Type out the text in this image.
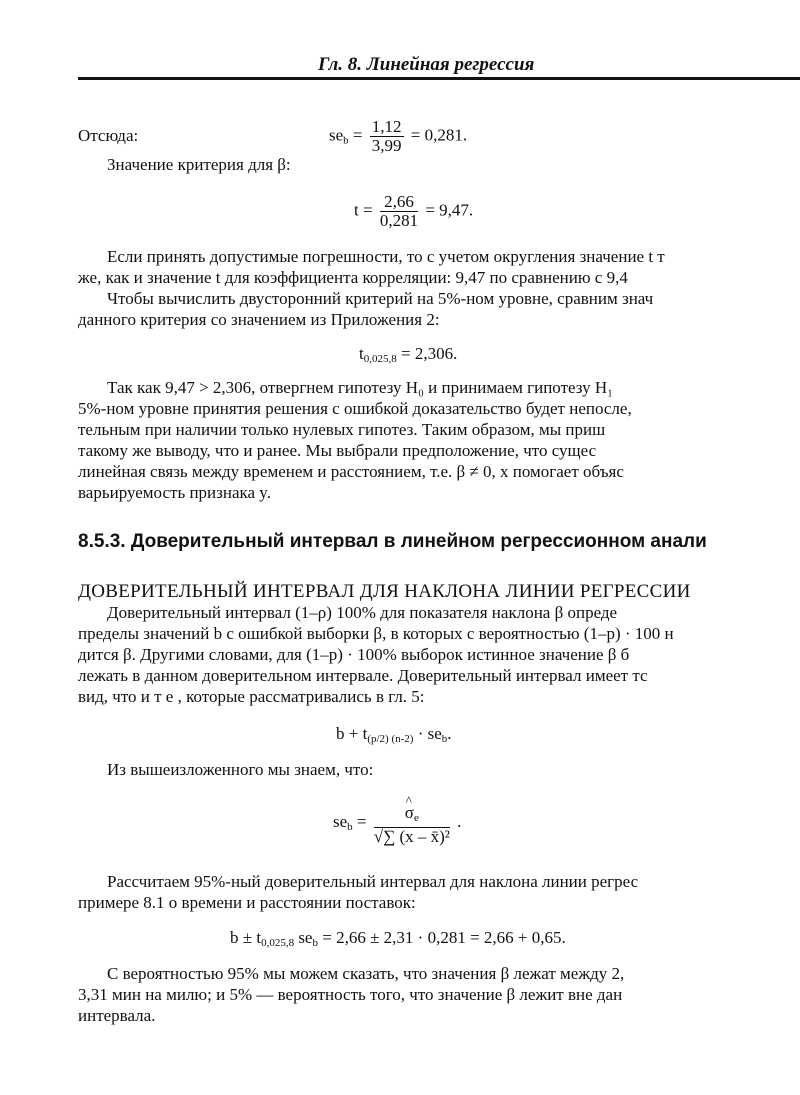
Гл. 8. Линейная регрессия
Отсюда:	$se_b = \frac{1,12}{3,99} = 0,281$.
Значение критерия для β:
$t = \frac{2,66}{0,281} = 9,47$.
Если принять допустимые погрешности, то с учетом округления значение t т
же, как и значение t для коэффициента корреляции: 9,47 по сравнению с 9,4
Чтобы вычислить двусторонний критерий на 5%-ном уровне, сравним знач
данного критерия со значением из Приложения 2:
$t_{0,025,8} = 2,306$.
Так как 9,47 > 2,306, отвергнем гипотезу H₀ и принимаем гипотезу H₁
5%-ном уровне принятия решения с ошибкой доказательство будет непосле,
тельным при наличии только нулевых гипотез. Таким образом, мы приш
такому же выводу, что и ранее. Мы выбрали предположение, что сущес
линейная связь между временем и расстоянием, т.е. β ≠ 0, x помогает объяс
варьируемость признака y.
8.5.3. Доверительный интервал в линейном регрессионном анали
ДОВЕРИТЕЛЬНЫЙ ИНТЕРВАЛ ДЛЯ НАКЛОНА ЛИНИИ РЕГРЕССИИ
Доверительный интервал (1–ρ) 100% для показателя наклона β опреде
пределы значений b с ошибкой выборки β, в которых с вероятностью (1–p) · 100 н
дится β. Другими словами, для (1–p) · 100% выборок истинное значение β б
лежать в данном доверительном интервале. Доверительный интервал имеет тс
вид, что и т е , которые рассматривались в гл. 5:
$b + t_{(p/2) (n-2)} \cdot se_b$.
Из вышеизложенного мы знаем, что:
$se_b$ =
^ $\frac{\sigma_e}{\text{√∑ (x – x̄)²}}$ .
Рассчитаем 95%-ный доверительный интервал для наклона линии регрес
примере 8.1 о времени и расстоянии поставок:
$b \pm t_{0,025,8}$ $se_b = 2,66 \pm 2,31 \cdot 0,281 = 2,66 + 0,65$.
С вероятностью 95% мы можем сказать, что значения β лежат между 2,
3,31 мин на милю; и 5% — вероятность того, что значение β лежит вне дан
интервала.
